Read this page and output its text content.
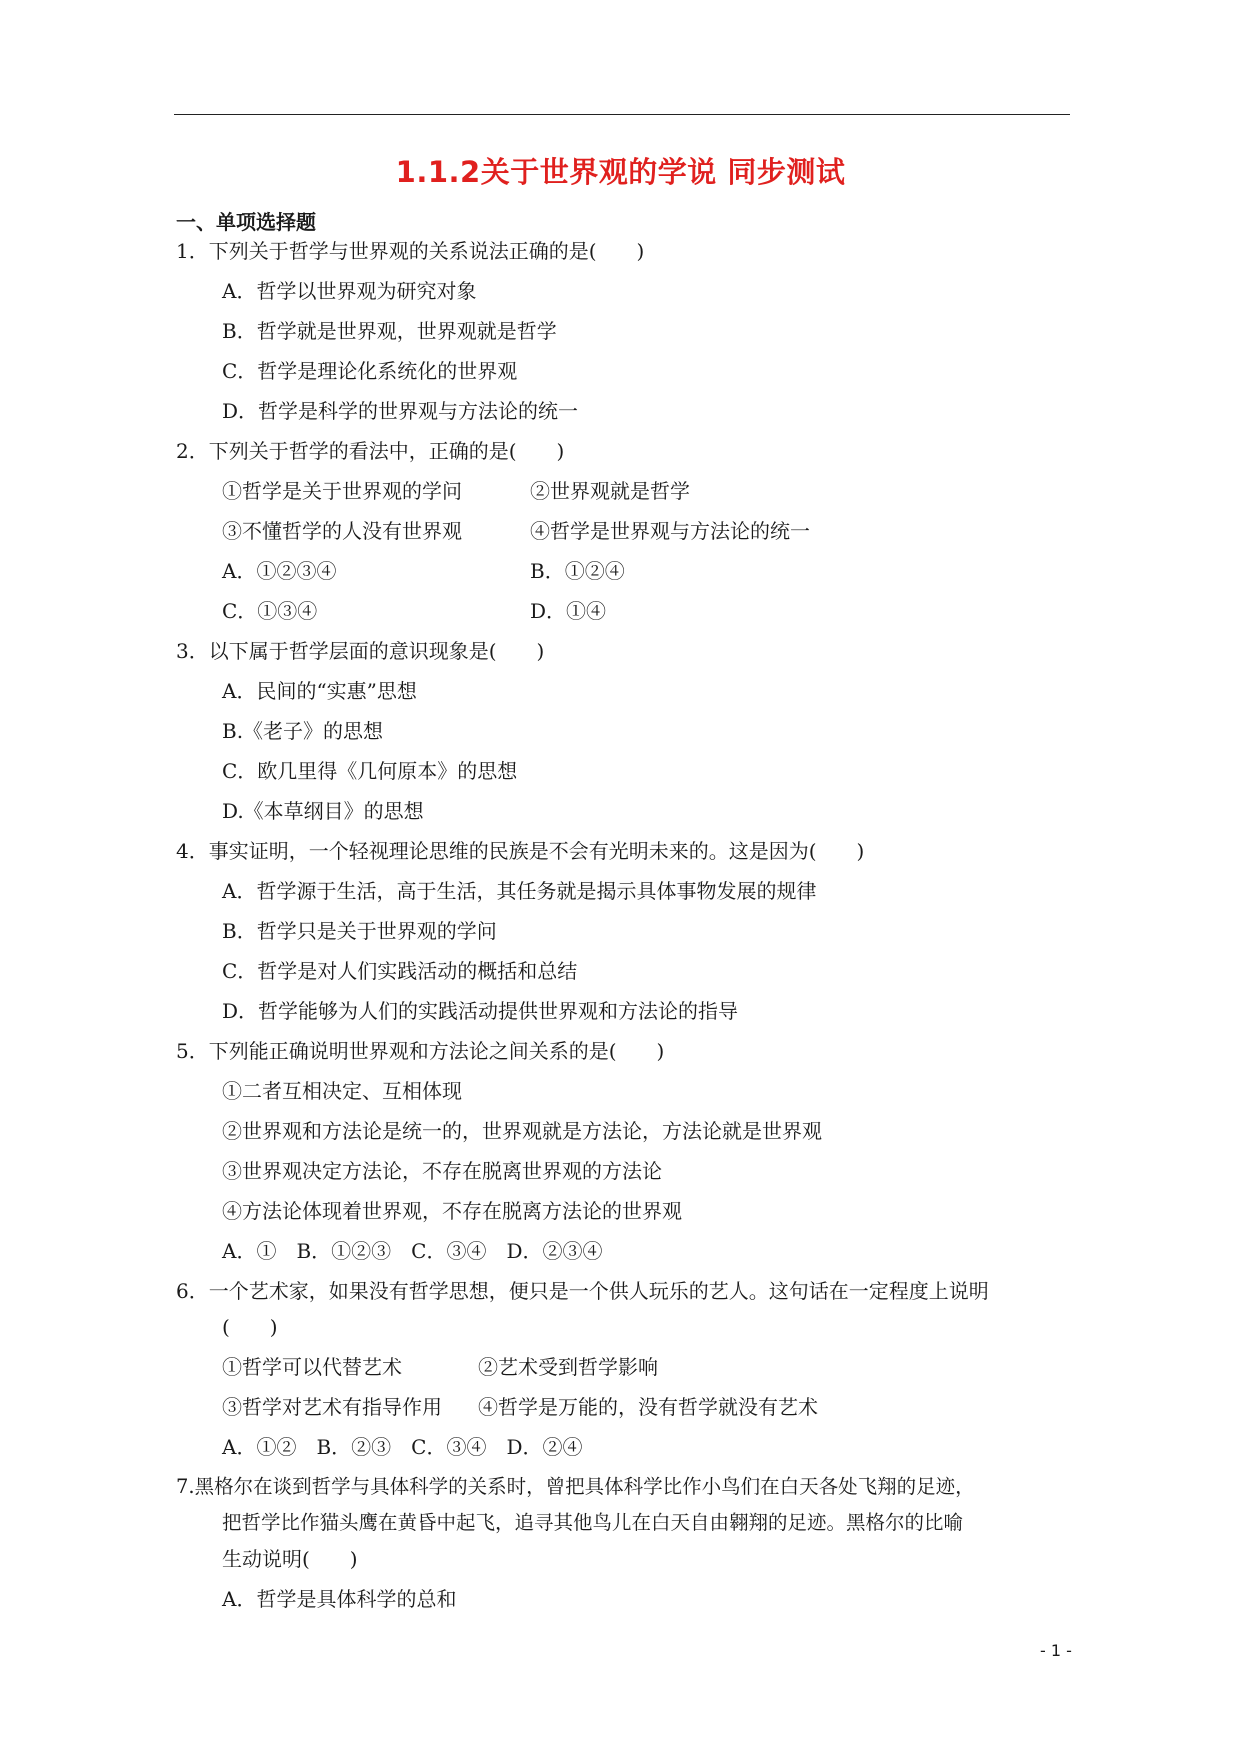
1.1.2关于世界观的学说 同步测试
一、单项选择题
1．下列关于哲学与世界观的关系说法正确的是(　　)
A．哲学以世界观为研究对象
B．哲学就是世界观，世界观就是哲学
C．哲学是理论化系统化的世界观
D．哲学是科学的世界观与方法论的统一
2．下列关于哲学的看法中，正确的是(　　)
①哲学是关于世界观的学问	②世界观就是哲学
③不懂哲学的人没有世界观	④哲学是世界观与方法论的统一
A．①②③④	B．①②④
C．①③④	D．①④
3．以下属于哲学层面的意识现象是(　　)
A．民间的“实惠”思想
B.《老子》的思想
C．欧几里得《几何原本》的思想
D.《本草纲目》的思想
4．事实证明，一个轻视理论思维的民族是不会有光明未来的。这是因为(　　)
A．哲学源于生活，高于生活，其任务就是揭示具体事物发展的规律
B．哲学只是关于世界观的学问
C．哲学是对人们实践活动的概括和总结
D．哲学能够为人们的实践活动提供世界观和方法论的指导
5．下列能正确说明世界观和方法论之间关系的是(　　)
①二者互相决定、互相体现
②世界观和方法论是统一的，世界观就是方法论，方法论就是世界观
③世界观决定方法论，不存在脱离世界观的方法论
④方法论体现着世界观，不存在脱离方法论的世界观
A．①　B．①②③　C．③④　D．②③④
6．一个艺术家，如果没有哲学思想，便只是一个供人玩乐的艺人。这句话在一定程度上说明
(　　)
①哲学可以代替艺术	②艺术受到哲学影响
③哲学对艺术有指导作用 ④哲学是万能的，没有哲学就没有艺术
A．①②　B．②③　C．③④　D．②④
7.黑格尔在谈到哲学与具体科学的关系时，曾把具体科学比作小鸟们在白天各处飞翔的足迹，
把哲学比作猫头鹰在黄昏中起飞，追寻其他鸟儿在白天自由翱翔的足迹。黑格尔的比喻
生动说明(　　)
A．哲学是具体科学的总和
- 1 -
